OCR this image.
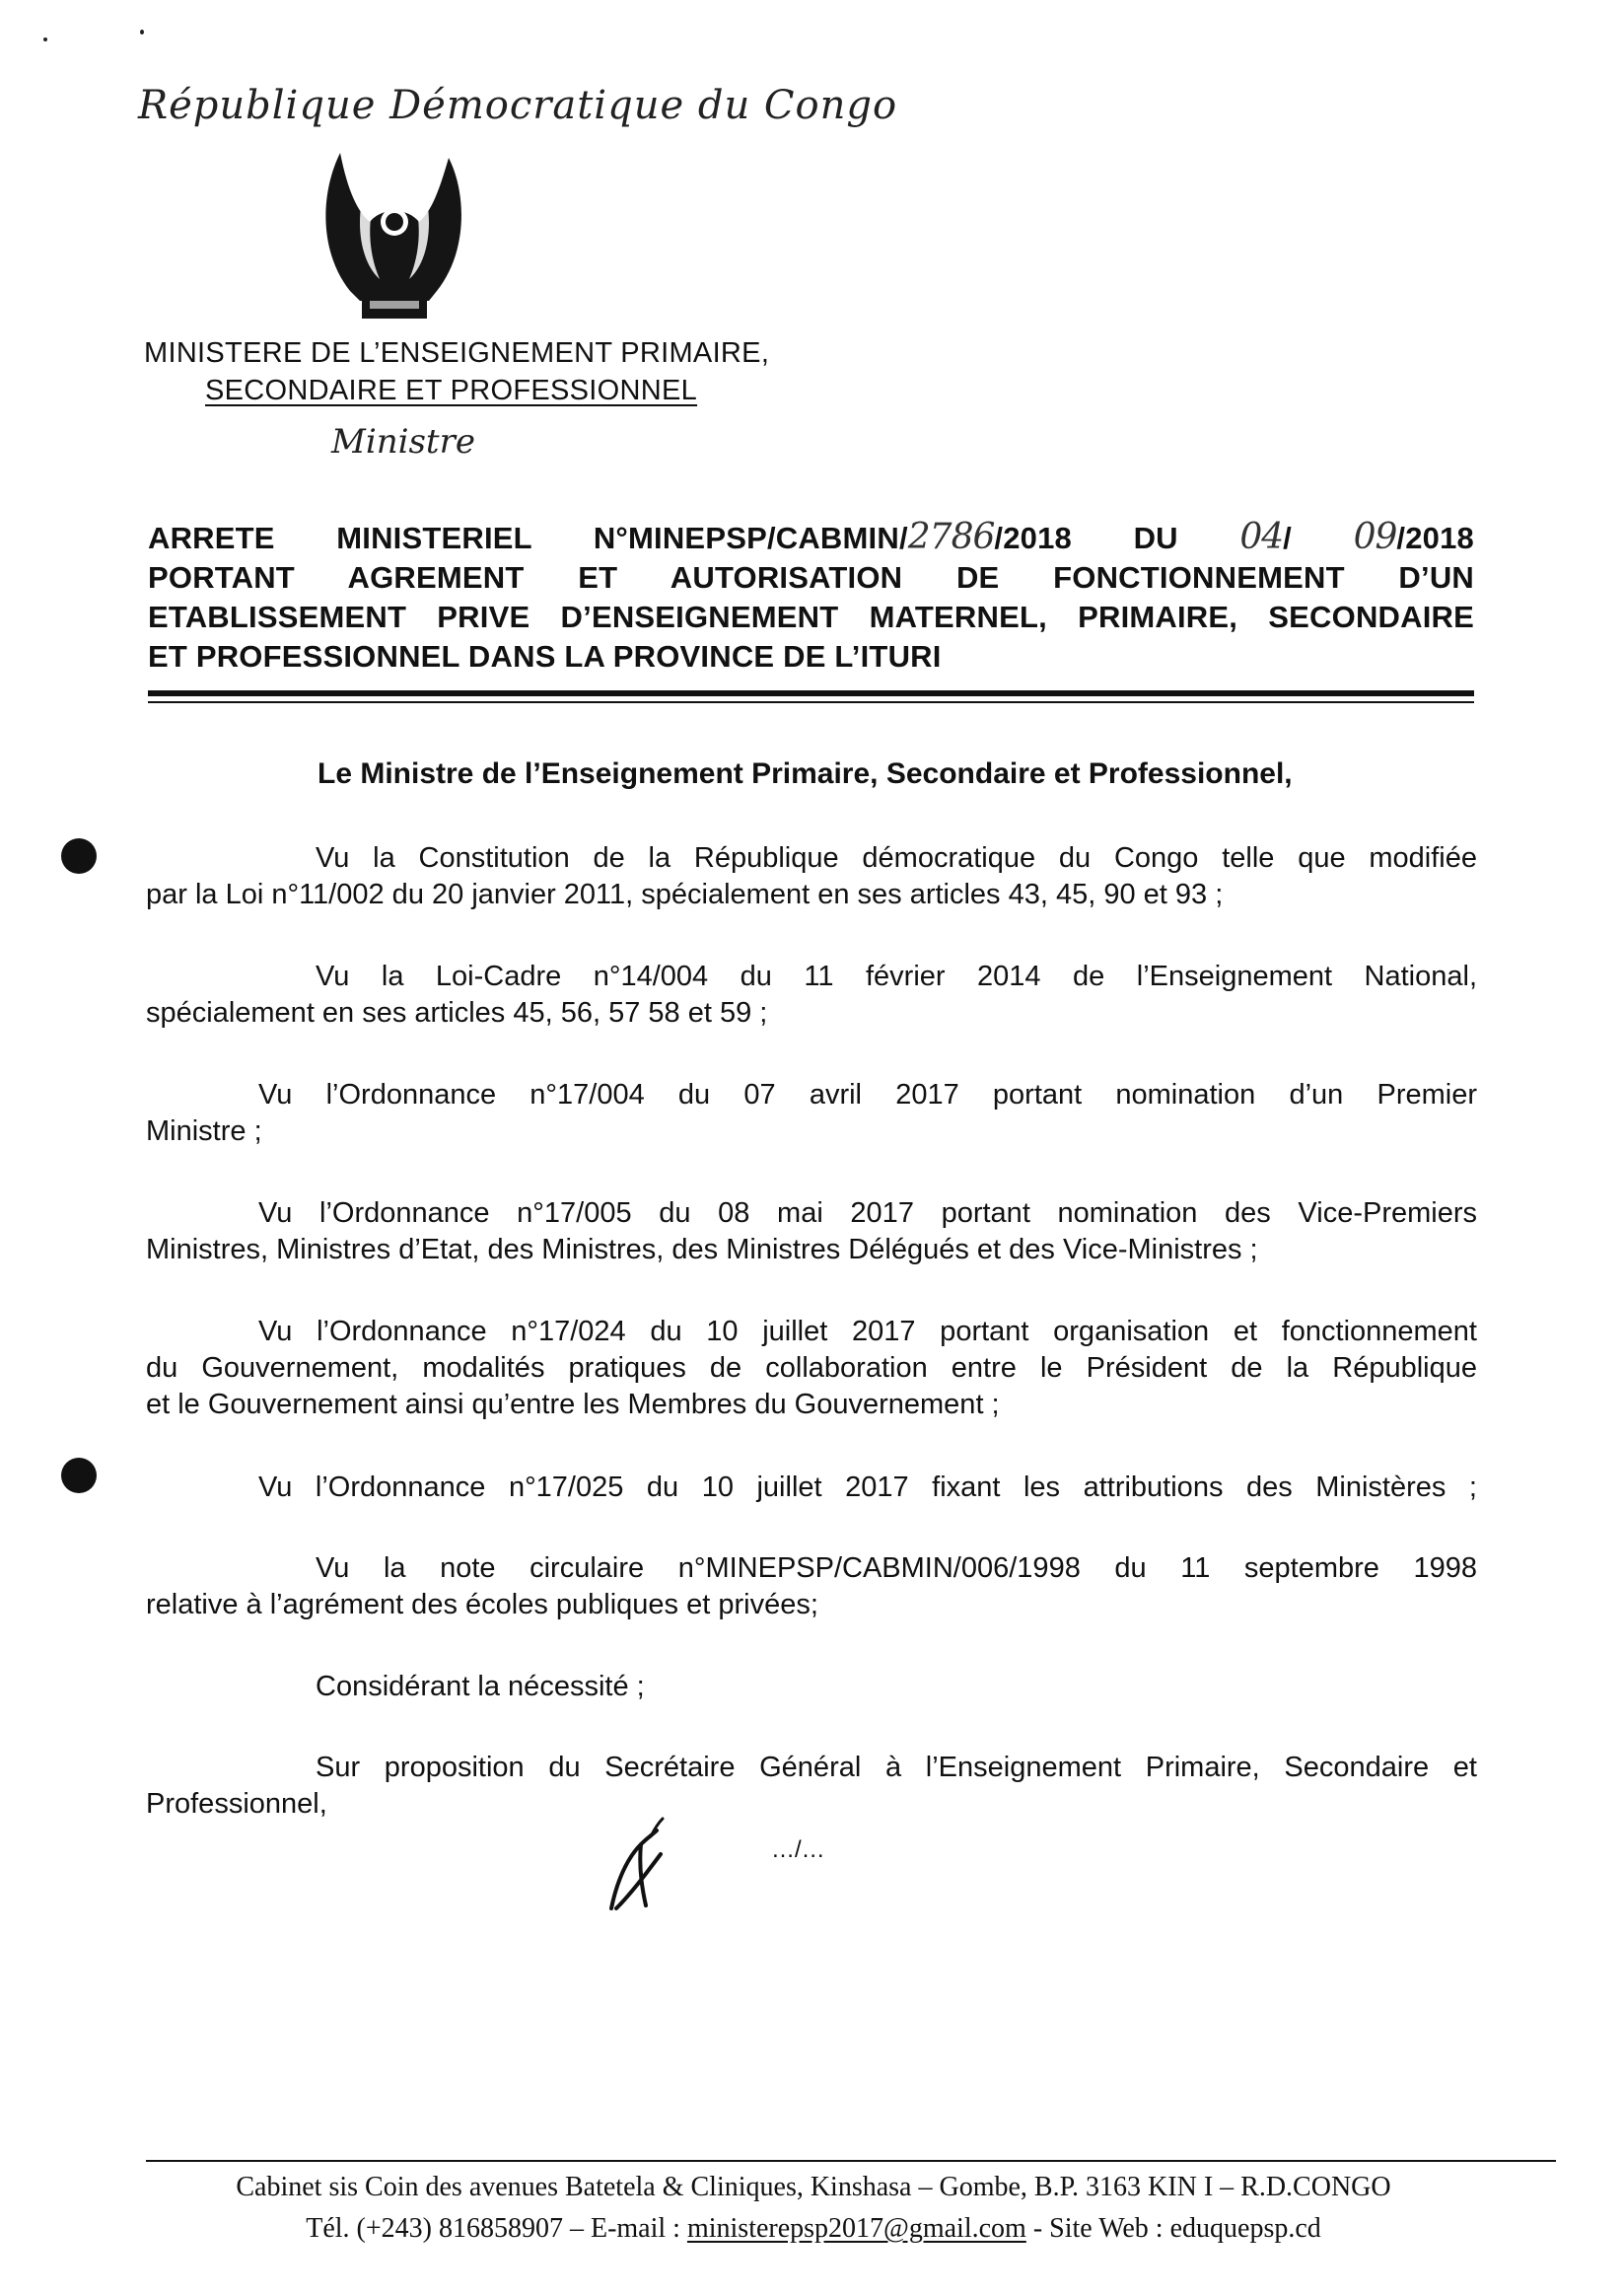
République Démocratique du Congo
MINISTERE DE L’ENSEIGNEMENT PRIMAIRE,
SECONDAIRE ET PROFESSIONNEL
Ministre
ARRETE MINISTERIEL N°MINEPSP/CABMIN/2786/2018 DU 04/ 09/2018
PORTANT AGREMENT ET AUTORISATION DE FONCTIONNEMENT D’UN
ETABLISSEMENT PRIVE D’ENSEIGNEMENT MATERNEL, PRIMAIRE, SECONDAIRE
ET PROFESSIONNEL DANS LA PROVINCE DE L’ITURI
Le Ministre de l’Enseignement Primaire, Secondaire et Professionnel,
Vu la Constitution de la République démocratique du Congo telle que modifiée
par la Loi n°11/002 du 20 janvier 2011, spécialement en ses articles 43, 45, 90 et 93 ;
Vu la Loi-Cadre n°14/004 du 11 février 2014 de l’Enseignement National,
spécialement en ses articles 45, 56, 57 58 et 59 ;
Vu l’Ordonnance n°17/004 du 07 avril 2017 portant nomination d’un Premier
Ministre ;
Vu l’Ordonnance n°17/005 du 08 mai 2017 portant nomination des Vice-Premiers
Ministres, Ministres d’Etat, des Ministres, des Ministres Délégués et des Vice-Ministres ;
Vu l’Ordonnance n°17/024 du 10 juillet 2017 portant organisation et fonctionnement
du Gouvernement, modalités pratiques de collaboration entre le Président de la République
et le Gouvernement ainsi qu’entre les Membres du Gouvernement ;
Vu l’Ordonnance n°17/025 du 10 juillet 2017 fixant les attributions des Ministères ;
Vu la note circulaire n°MINEPSP/CABMIN/006/1998 du 11 septembre 1998
relative à l’agrément des écoles publiques et privées;
Considérant la nécessité ;
Sur proposition du Secrétaire Général à l’Enseignement Primaire, Secondaire et
Professionnel,
…/…
Cabinet sis Coin des avenues Batetela & Cliniques, Kinshasa – Gombe, B.P. 3163 KIN I – R.D.CONGO
Tél. (+243) 816858907 – E-mail : ministerepsp2017@gmail.com - Site Web : eduquepsp.cd
